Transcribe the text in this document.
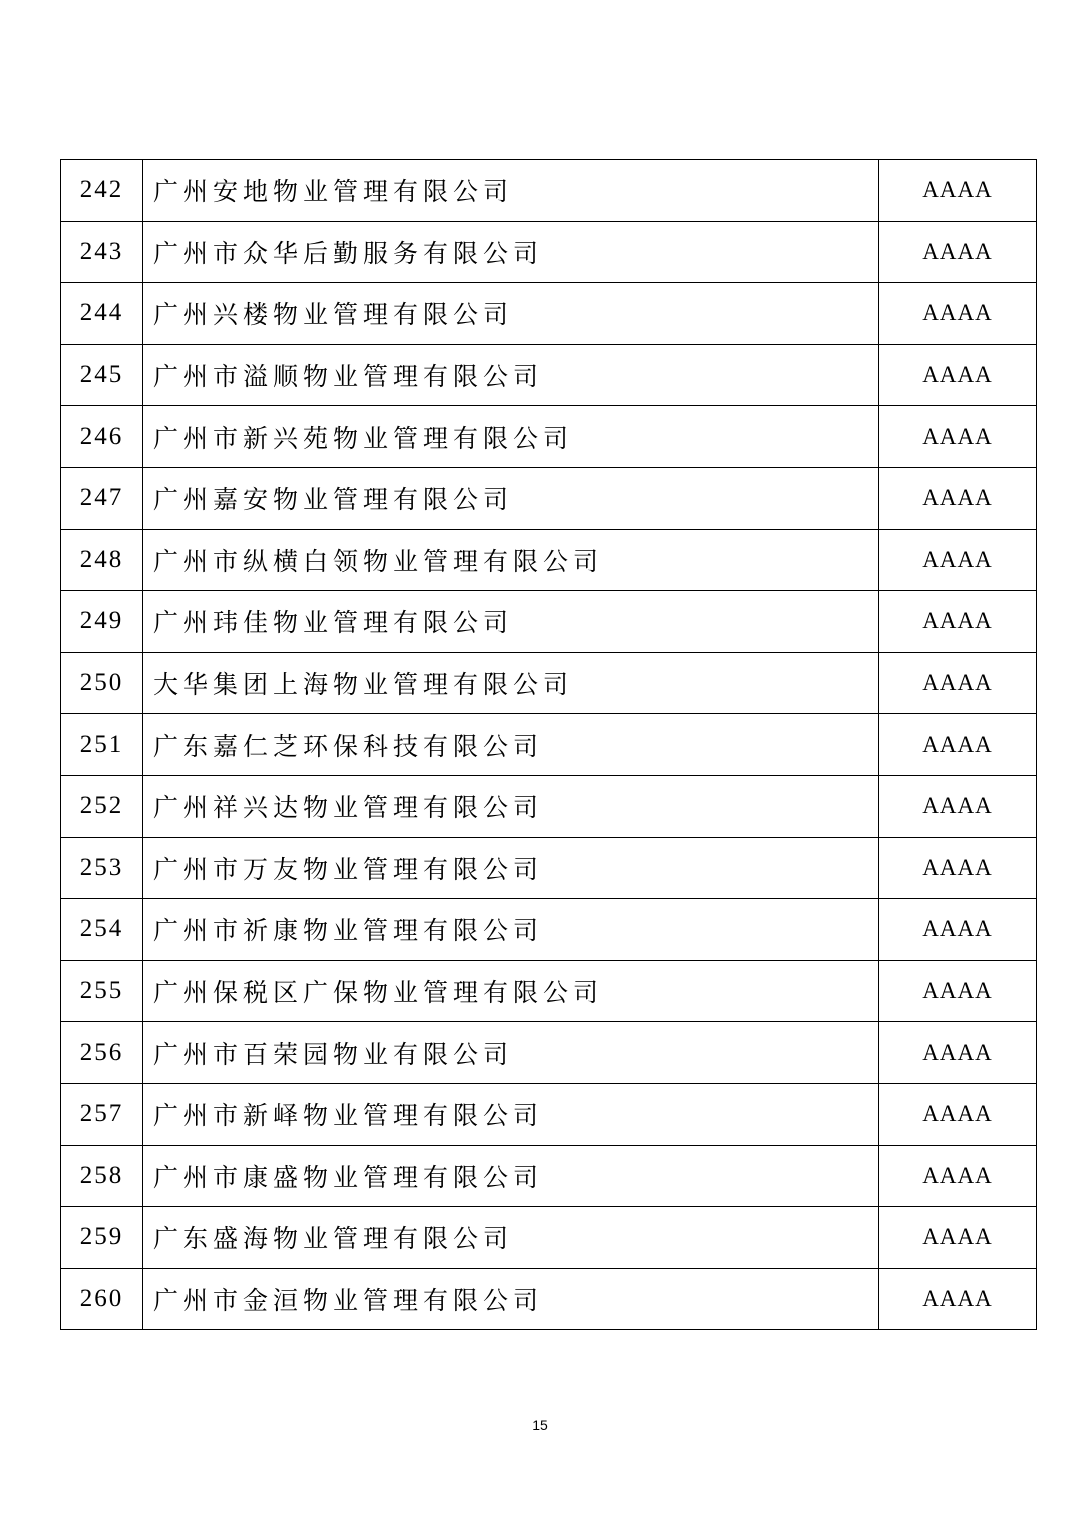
242	广州安地物业管理有限公司	AAAA
243	广州市众华后勤服务有限公司	AAAA
244	广州兴楼物业管理有限公司	AAAA
245	广州市溢顺物业管理有限公司	AAAA
246	广州市新兴苑物业管理有限公司	AAAA
247	广州嘉安物业管理有限公司	AAAA
248	广州市纵横白领物业管理有限公司	AAAA
249	广州玮佳物业管理有限公司	AAAA
250	大华集团上海物业管理有限公司	AAAA
251	广东嘉仁芝环保科技有限公司	AAAA
252	广州祥兴达物业管理有限公司	AAAA
253	广州市万友物业管理有限公司	AAAA
254	广州市祈康物业管理有限公司	AAAA
255	广州保税区广保物业管理有限公司	AAAA
256	广州市百荣园物业有限公司	AAAA
257	广州市新峄物业管理有限公司	AAAA
258	广州市康盛物业管理有限公司	AAAA
259	广东盛海物业管理有限公司	AAAA
260	广州市金洹物业管理有限公司	AAAA
15
